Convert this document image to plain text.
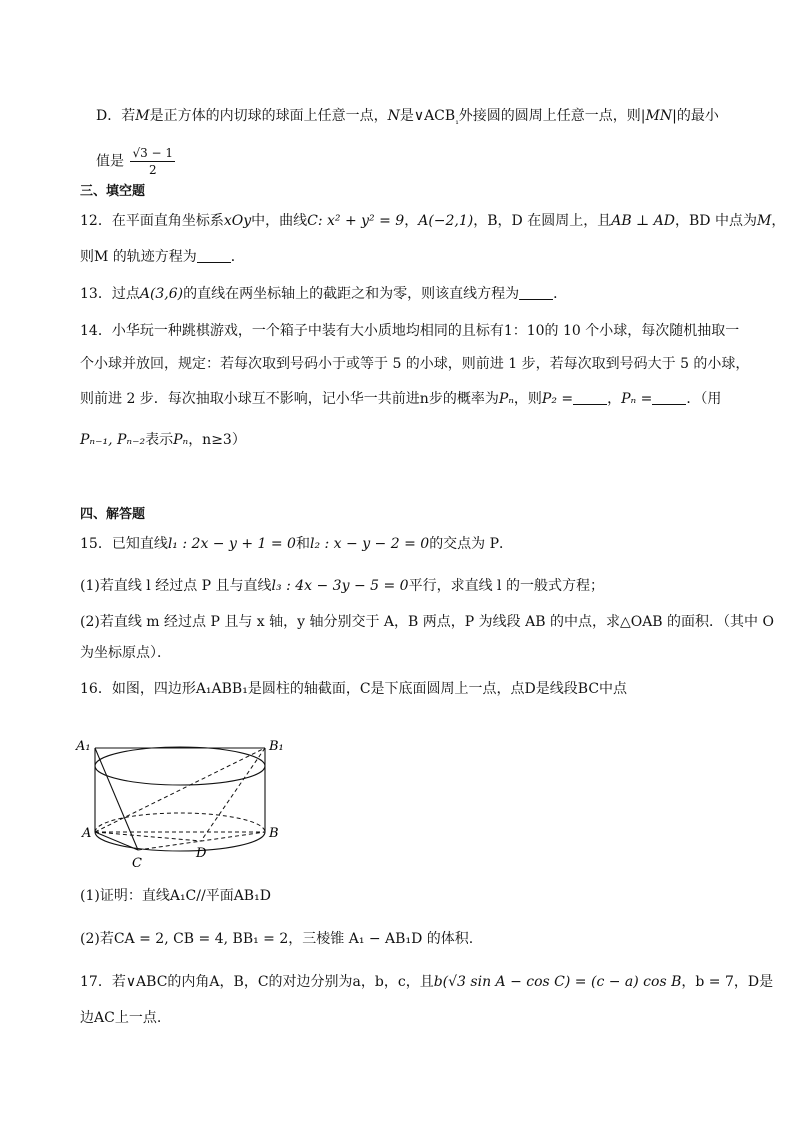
D．若M是正方体的内切球的球面上任意一点，N是$\vee ACB_{_1}$外接圆的圆周上任意一点，则|MN|的最小
值是 $\frac{√3 - 1}{2}$
三、填空题
12．在平面直角坐标系xOy中，曲线C: x² + y² = 9，A(−2,1)，B，D 在圆周上，且AB ⊥ AD，BD 中点为M，
则M 的轨迹方程为 ．
13．过点A(3,6)的直线在两坐标轴上的截距之和为零，则该直线方程为 ．
14．小华玩一种跳棋游戏，一个箱子中装有大小质地均相同的且标有1：10的 10 个小球，每次随机抽取一
个小球并放回，规定：若每次取到号码小于或等于 5 的小球，则前进 1 步，若每次取到号码大于 5 的小球，
则前进 2 步．每次抽取小球互不影响，记小华一共前进n步的概率为Pₙ，则P₂ = ，Pₙ = ．（用
Pₙ₋₁, Pₙ₋₂表示Pₙ，n≥3）
四、解答题
15．已知直线l₁ : 2x − y + 1 = 0和l₂ : x − y − 2 = 0的交点为 P．
(1)若直线 l 经过点 P 且与直线l₃ : 4x − 3y − 5 = 0平行，求直线 l 的一般式方程；
(2)若直线 m 经过点 P 且与 x 轴，y 轴分别交于 A，B 两点，P 为线段 AB 的中点，求△OAB 的面积．（其中 O
为坐标原点）．
16．如图，四边形A₁ABB₁是圆柱的轴截面，C是下底面圆周上一点，点D是线段BC中点
A₁	B₁
A	B
C
D
(1)证明：直线A₁C//平面AB₁D
(2)若CA = 2, CB = 4, BB₁ = 2，三棱锥 A₁ − AB₁D 的体积.
17．若∨ABC的内角A，B，C的对边分别为a，b，c，且b(√3 sin A − cos C) = (c − a) cos B，b = 7，D是
边AC上一点.
